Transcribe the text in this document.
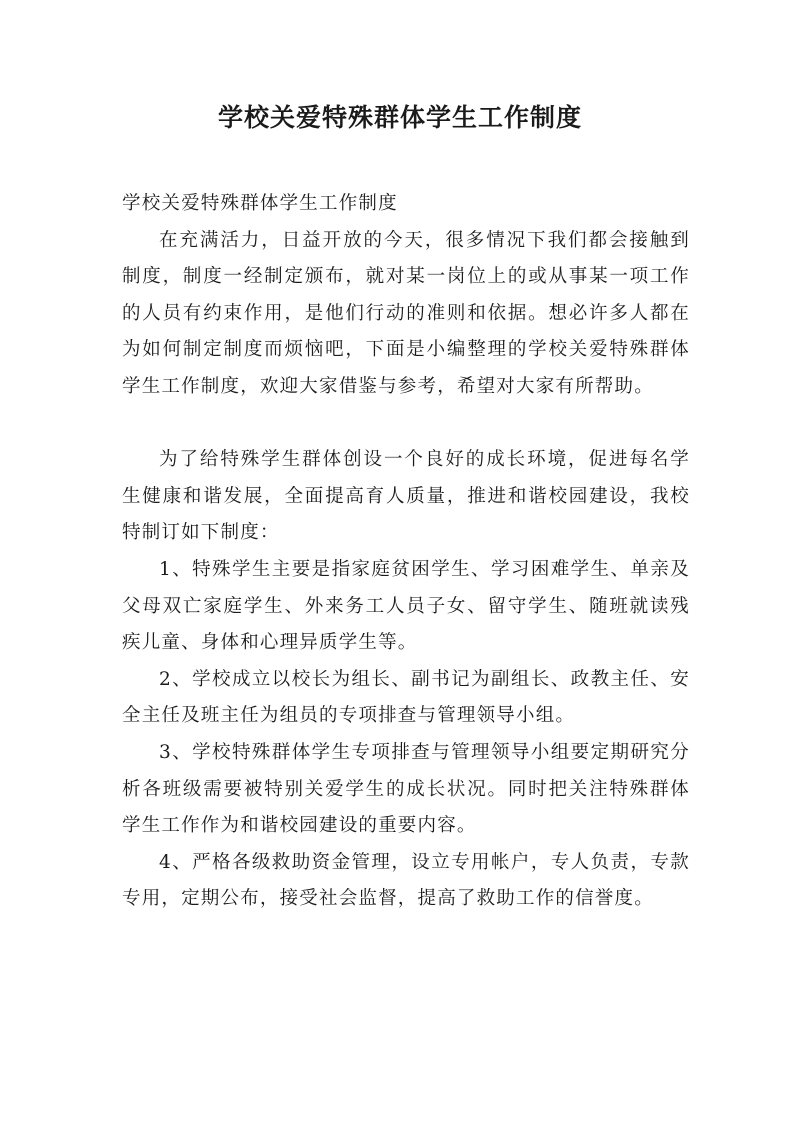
学校关爱特殊群体学生工作制度

学校关爱特殊群体学生工作制度

在充满活力，日益开放的今天，很多情况下我们都会接触到制度，制度一经制定颁布，就对某一岗位上的或从事某一项工作的人员有约束作用，是他们行动的准则和依据。想必许多人都在为如何制定制度而烦恼吧，下面是小编整理的学校关爱特殊群体学生工作制度，欢迎大家借鉴与参考，希望对大家有所帮助。

为了给特殊学生群体创设一个良好的成长环境，促进每名学生健康和谐发展，全面提高育人质量，推进和谐校园建设，我校特制订如下制度：

1、特殊学生主要是指家庭贫困学生、学习困难学生、单亲及父母双亡家庭学生、外来务工人员子女、留守学生、随班就读残疾儿童、身体和心理异质学生等。

2、学校成立以校长为组长、副书记为副组长、政教主任、安全主任及班主任为组员的专项排查与管理领导小组。

3、学校特殊群体学生专项排查与管理领导小组要定期研究分析各班级需要被特别关爱学生的成长状况。同时把关注特殊群体学生工作作为和谐校园建设的重要内容。

4、严格各级救助资金管理，设立专用帐户，专人负责，专款专用，定期公布，接受社会监督，提高了救助工作的信誉度。
